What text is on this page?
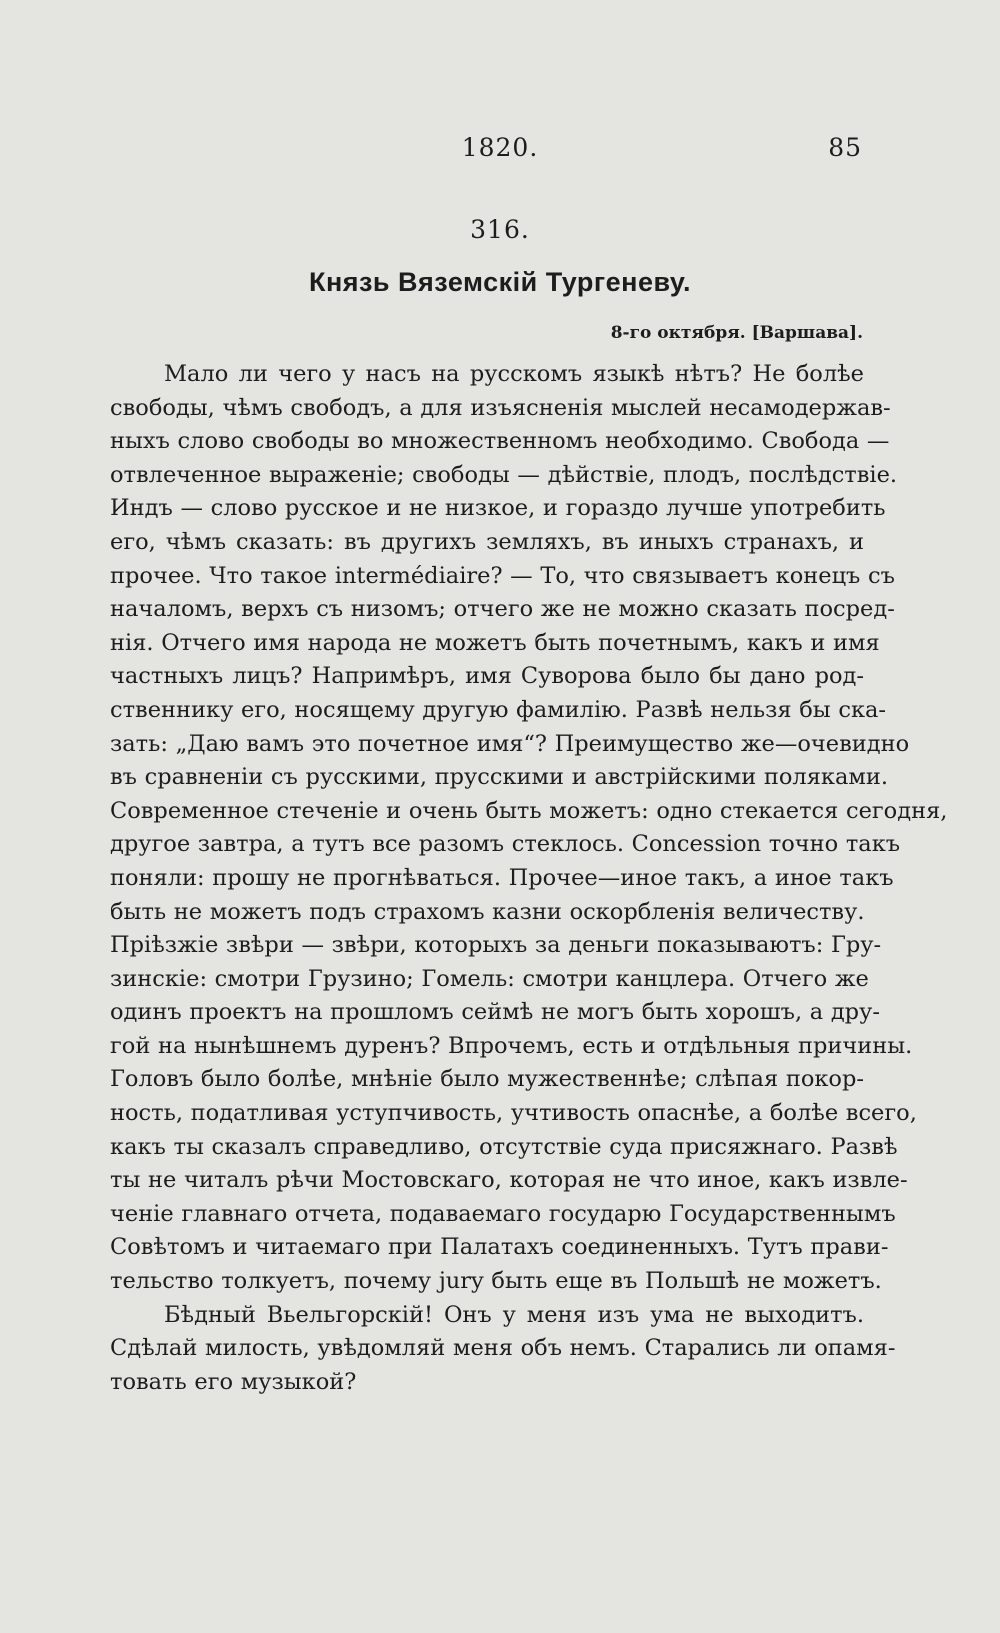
1820.	85
316.
Князь Вяземскій Тургеневу.
8-го октября. [Варшава].
Мало ли чего у насъ на русскомъ языкѣ нѣтъ? Не болѣе
свободы, чѣмъ свободъ, а для изъясненія мыслей несамодержав-
ныхъ слово свободы во множественномъ необходимо. Свобода —
отвлеченное выраженіе; свободы — дѣйствіе, плодъ, послѣдствіе.
Индъ — слово русское и не низкое, и гораздо лучше употребить
его, чѣмъ сказать: въ другихъ земляхъ, въ иныхъ странахъ, и
прочее. Что такое intermédiaire? — То, что связываетъ конецъ съ
началомъ, верхъ съ низомъ; отчего же не можно сказать посред-
нія. Отчего имя народа не можетъ быть почетнымъ, какъ и имя
частныхъ лицъ? Напримѣръ, имя Суворова было бы дано род-
ственнику его, носящему другую фамилію. Развѣ нельзя бы ска-
зать: „Даю вамъ это почетное имя“? Преимущество же—очевидно
въ сравненіи съ русскими, прусскими и австрійскими поляками.
Современное стеченіе и очень быть можетъ: одно стекается сегодня,
другое завтра, а тутъ все разомъ стеклось. Concession точно такъ
поняли: прошу не прогнѣваться. Прочее—иное такъ, а иное такъ
быть не можетъ подъ страхомъ казни оскорбленія величеству.
Пріѣзжіе звѣри — звѣри, которыхъ за деньги показываютъ: Гру-
зинскіе: смотри Грузино; Гомель: смотри канцлера. Отчего же
одинъ проектъ на прошломъ сеймѣ не могъ быть хорошъ, а дру-
гой на нынѣшнемъ дуренъ? Впрочемъ, есть и отдѣльныя причины.
Головъ было болѣе, мнѣніе было мужественнѣе; слѣпая покор-
ность, податливая уступчивость, учтивость опаснѣе, а болѣе всего,
какъ ты сказалъ справедливо, отсутствіе суда присяжнаго. Развѣ
ты не читалъ рѣчи Мостовскаго, которая не что иное, какъ извле-
ченіе главнаго отчета, подаваемаго государю Государственнымъ
Совѣтомъ и читаемаго при Палатахъ соединенныхъ. Тутъ прави-
тельство толкуетъ, почему jury быть еще въ Польшѣ не можетъ.
Бѣдный Вьельгорскій! Онъ у меня изъ ума не выходитъ.
Сдѣлай милость, увѣдомляй меня объ немъ. Старались ли опамя-
товать его музыкой?
